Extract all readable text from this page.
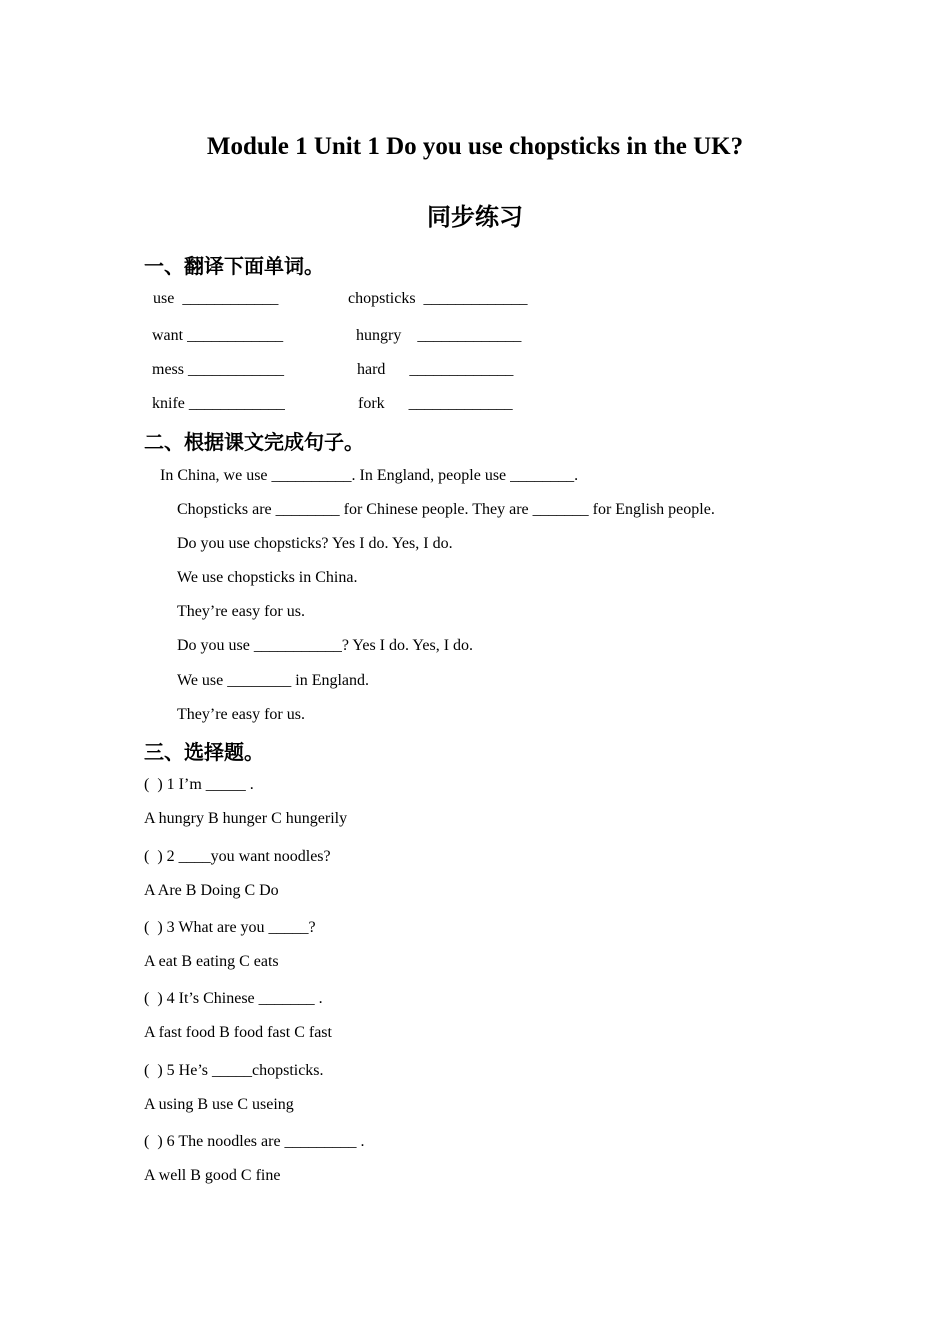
Module 1 Unit 1 Do you use chopsticks in the UK?
同步练习
一、翻译下面单词。
use  ____________	chopsticks  _____________
want ____________	hungry    _____________
mess ____________	hard      _____________
knife ____________	fork      _____________
二、根据课文完成句子。
In China, we use __________. In England, people use ________.
Chopsticks are ________ for Chinese people. They are _______ for English people.
Do you use chopsticks? Yes I do. Yes, I do.
We use chopsticks in China.
They’re easy for us.
Do you use ___________? Yes I do. Yes, I do.
We use ________ in England.
They’re easy for us.
三、选择题。
(  ) 1 I’m _____ .
A hungry B hunger C hungerily
(  ) 2 ____you want noodles?
A Are B Doing C Do
(  ) 3 What are you _____?
A eat B eating C eats
(  ) 4 It’s Chinese _______ .
A fast food B food fast C fast
(  ) 5 He’s _____chopsticks.
A using B use C useing
(  ) 6 The noodles are _________ .
A well B good C fine
